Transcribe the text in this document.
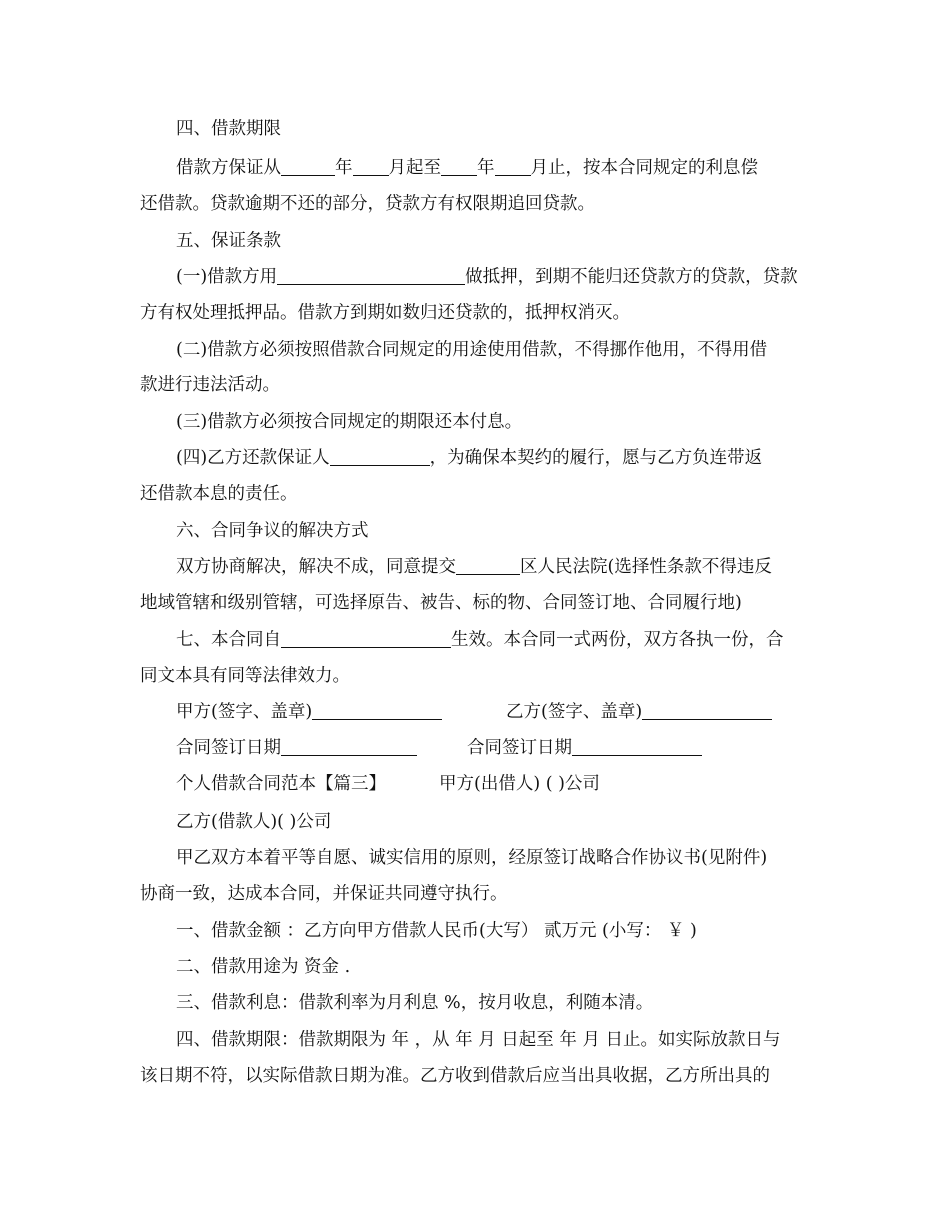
四、借款期限
借款方保证从	年 月起至 年 月止，按本合同规定的利息偿
还借款。贷款逾期不还的部分，贷款方有权限期追回贷款。
五、保证条款
(一)借款方用	做抵押，到期不能归还贷款方的贷款，贷款
方有权处理抵押品。借款方到期如数归还贷款的，抵押权消灭。
(二)借款方必须按照借款合同规定的用途使用借款，不得挪作他用，不得用借
款进行违法活动。
(三)借款方必须按合同规定的期限还本付息。
(四)乙方还款保证人	，为确保本契约的履行，愿与乙方负连带返
还借款本息的责任。
六、合同争议的解决方式
双方协商解决，解决不成，同意提交	区人民法院(选择性条款不得违反
地域管辖和级别管辖，可选择原告、被告、标的物、合同签订地、合同履行地)
七、本合同自	生效。本合同一式两份，双方各执一份，合
同文本具有同等法律效力。
甲方(签字、盖章)	乙方(签字、盖章)
合同签订日期	合同签订日期
个人借款合同范本【篇三】	甲方(出借人) ( )公司
乙方(借款人)( )公司
甲乙双方本着平等自愿、诚实信用的原则，经原签订战略合作协议书(见附件)
协商一致，达成本合同，并保证共同遵守执行。
一、借款金额 ：乙方向甲方借款人民币(大写） 贰万元 (小写： ￥ )
二、借款用途为 资金 .
三、借款利息：借款利率为月利息 %，按月收息，利随本清。
四、借款期限：借款期限为 年 ，从 年 月 日起至 年 月 日止。如实际放款日与
该日期不符，以实际借款日期为准。乙方收到借款后应当出具收据，乙方所出具的
